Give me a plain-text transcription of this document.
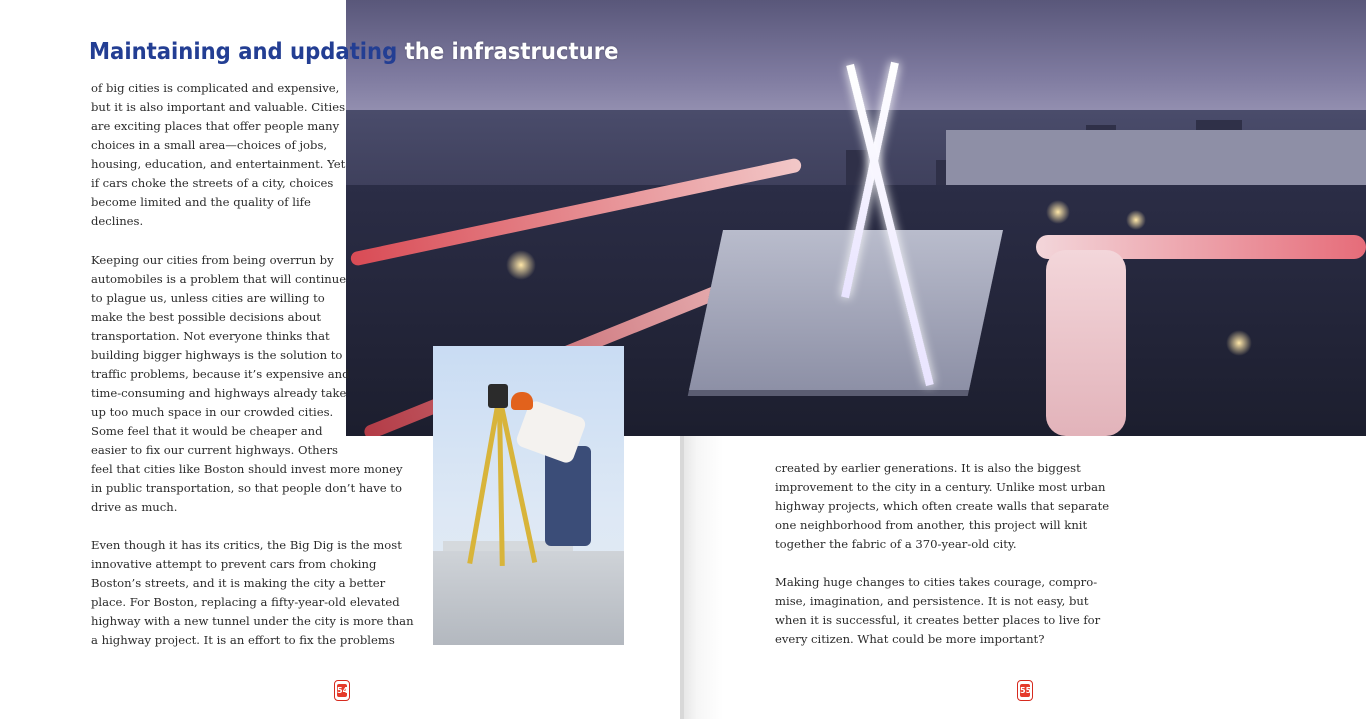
Maintaining and updating the infrastructure
of big cities is complicated and expensive,
but it is also important and valuable. Cities
are exciting places that offer people many
choices in a small area—choices of jobs,
housing, education, and entertainment. Yet
if cars choke the streets of a city, choices
become limited and the quality of life
declines.
Keeping our cities from being overrun by
automobiles is a problem that will continue
to plague us, unless cities are willing to
make the best possible decisions about
transportation. Not everyone thinks that
building bigger highways is the solution to
traffic problems, because it’s expensive and
time-consuming and highways already take
up too much space in our crowded cities.
Some feel that it would be cheaper and
easier to fix our current highways. Others
feel that cities like Boston should invest more money
in public transportation, so that people don’t have to
drive as much.
Even though it has its critics, the Big Dig is the most
innovative attempt to prevent cars from choking
Boston’s streets, and it is making the city a better
place. For Boston, replacing a fifty-year-old elevated
highway with a new tunnel under the city is more than
a highway project. It is an effort to fix the problems
created by earlier generations. It is also the biggest
improvement to the city in a century. Unlike most urban
highway projects, which often create walls that separate
one neighborhood from another, this project will knit
together the fabric of a 370-year-old city.
Making huge changes to cities takes courage, compro-
mise, imagination, and persistence. It is not easy, but
when it is successful, it creates better places to live for
every citizen. What could be more important?
54	55
